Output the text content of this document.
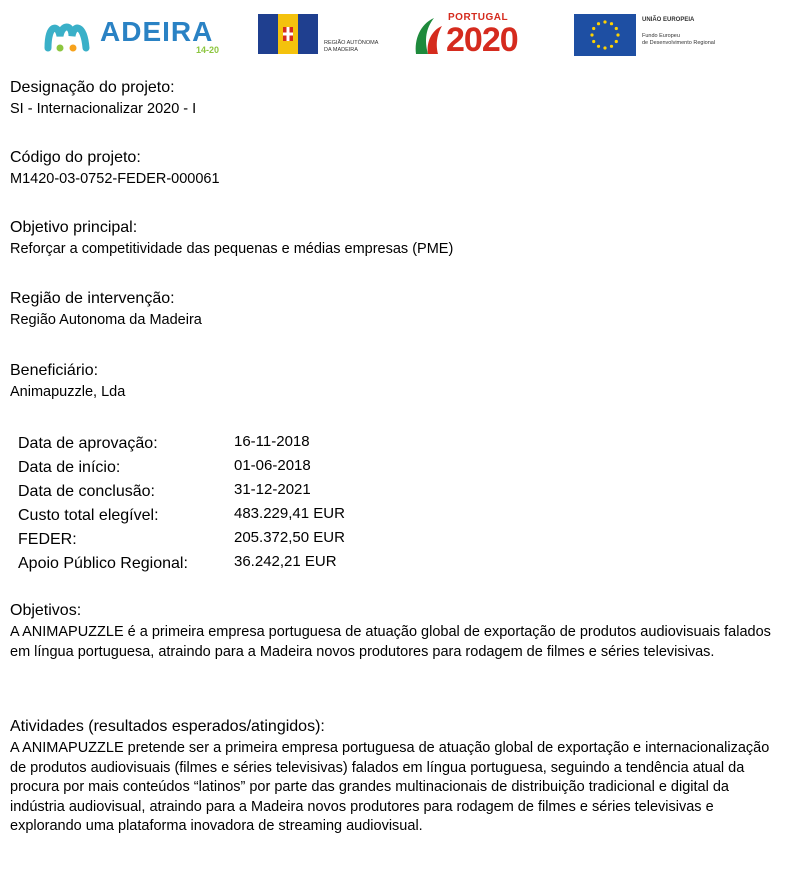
ADEIRA
14-20
REGIÃO AUTÓNOMA
DA MADEIRA
PORTUGAL
2020
UNIÃO EUROPEIA
Fundo Europeu
de Desenvolvimento Regional

Designação do projeto:

SI - Internacionalizar 2020 - I

Código do projeto:

M1420-03-0752-FEDER-000061

Objetivo principal:

Reforçar a competitividade das pequenas e médias empresas (PME)

Região de intervenção:

Região Autonoma da Madeira

Beneficiário:

Animapuzzle, Lda

Data de aprovação:	16-11-2018
Data de início:	01-06-2018
Data de conclusão:	31-12-2021
Custo total elegível:	483.229,41 EUR
FEDER:	205.372,50 EUR
Apoio Público Regional:	36.242,21 EUR

Objetivos:

A ANIMAPUZZLE é a primeira empresa portuguesa de atuação global de exportação de produtos audiovisuais falados em língua portuguesa, atraindo para a Madeira novos produtores para rodagem de filmes e séries televisivas.

Atividades (resultados esperados/atingidos):

A ANIMAPUZZLE pretende ser a primeira empresa portuguesa de atuação global de exportação e internacionalização de produtos audiovisuais (filmes e séries televisivas) falados em língua portuguesa, seguindo a tendência atual da procura por mais conteúdos “latinos” por parte das grandes multinacionais de distribuição tradicional e digital da indústria audiovisual, atraindo para a Madeira novos produtores para rodagem de filmes e séries televisivas e explorando uma plataforma inovadora de streaming audiovisual.
